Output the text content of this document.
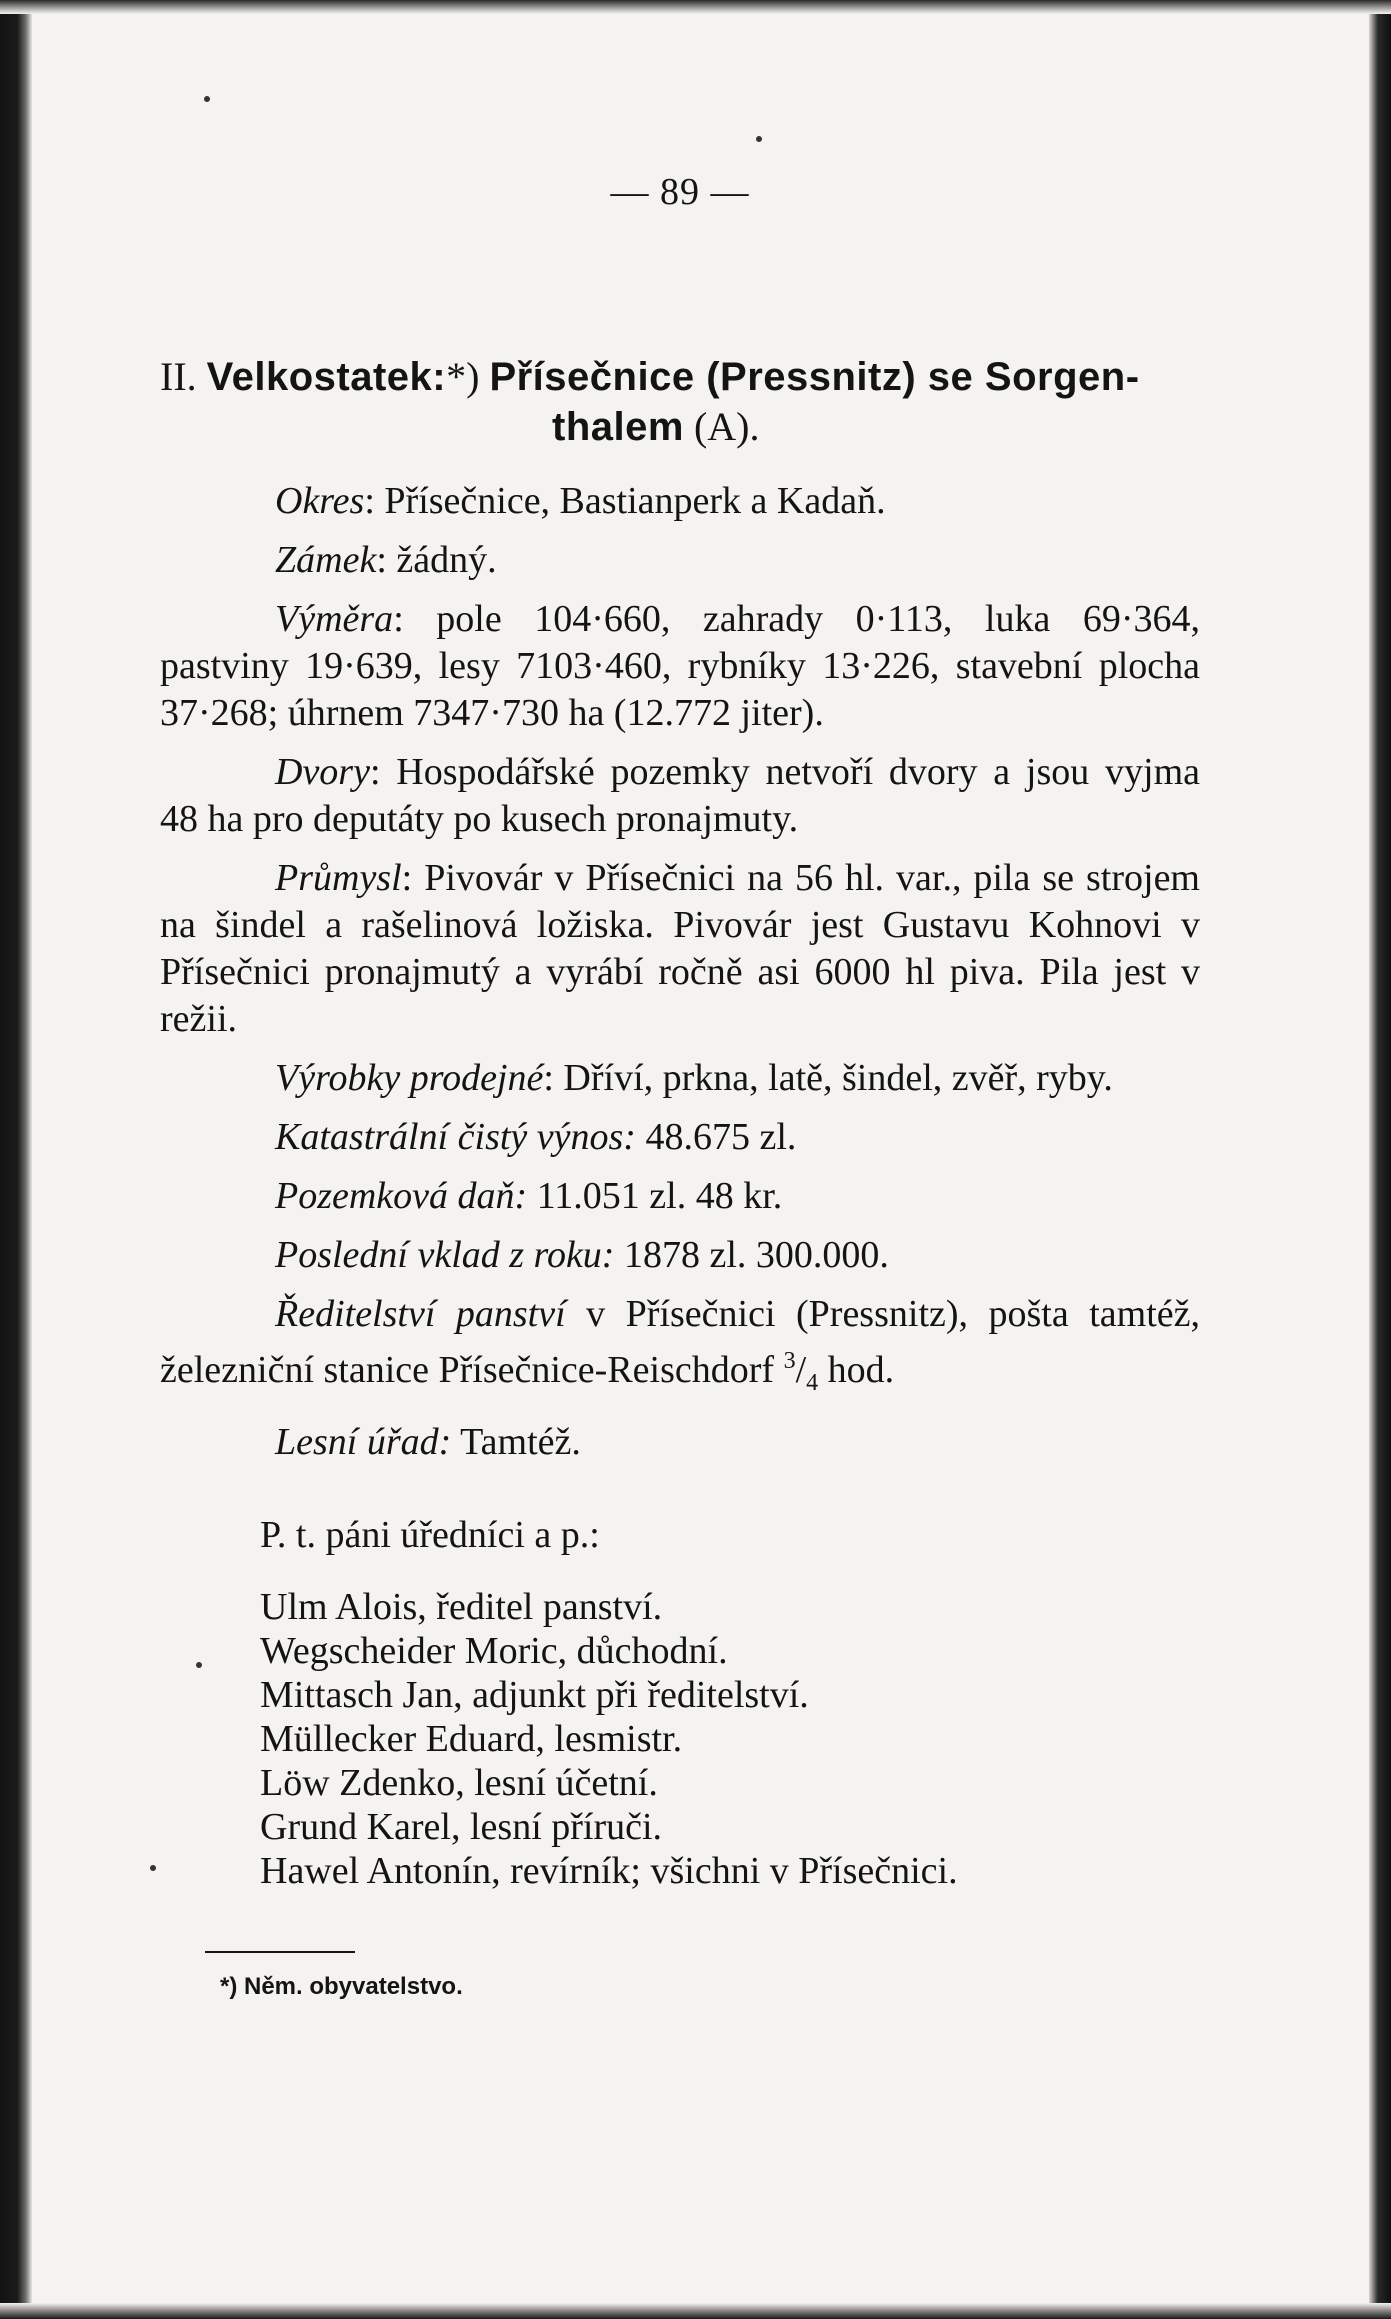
— 89 —
II. Velkostatek:*) Přísečnice (Pressnitz) se Sorgen-
thalem (A).

Okres: Přísečnice, Bastianperk a Kadaň.

Zámek: žádný.

Výměra: pole 104·660, zahrady 0·113, luka 69·364, pastviny 19·639, lesy 7103·460, rybníky 13·226, stavební plocha 37·268; úhrnem 7347·730 ha (12.772 jiter).

Dvory: Hospodářské pozemky netvoří dvory a jsou vyjma 48 ha pro deputáty po kusech pronajmuty.

Průmysl: Pivovár v Přísečnici na 56 hl. var., pila se strojem na šindel a rašelinová ložiska. Pivovár jest Gustavu Kohnovi v Přísečnici pronajmutý a vyrábí ročně asi 6000 hl piva. Pila jest v režii.

Výrobky prodejné: Dříví, prkna, latě, šindel, zvěř, ryby.

Katastrální čistý výnos: 48.675 zl.

Pozemková daň: 11.051 zl. 48 kr.

Poslední vklad z roku: 1878 zl. 300.000.

Ředitelství panství v Přísečnici (Pressnitz), pošta tamtéž, železniční stanice Přísečnice-Reischdorf $^3/_4$ hod.

Lesní úřad: Tamtéž.

P. t. páni úředníci a p.:
Ulm Alois, ředitel panství.
Wegscheider Moric, důchodní.
Mittasch Jan, adjunkt při ředitelství.
Müllecker Eduard, lesmistr.
Löw Zdenko, lesní účetní.
Grund Karel, lesní příruči.
Hawel Antonín, revírník; všichni v Přísečnici.
*) Něm. obyvatelstvo.
